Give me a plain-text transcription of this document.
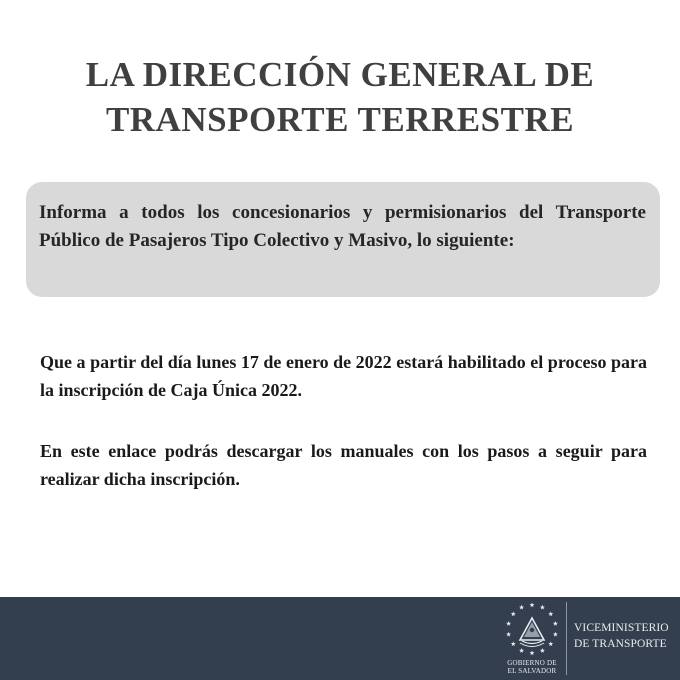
LA DIRECCIÓN GENERAL DE
TRANSPORTE TERRESTRE

Informa a todos los concesionarios y permisionarios del Transporte Público de Pasajeros Tipo Colectivo y Masivo, lo siguiente:

Que a partir del día lunes 17 de enero de 2022 estará habilitado el proceso para la inscripción de Caja Única 2022.

En este enlace podrás descargar los manuales con los pasos a seguir para realizar dicha inscripción.

GOBIERNO DE
EL SALVADOR
VICEMINISTERIO
DE TRANSPORTE
